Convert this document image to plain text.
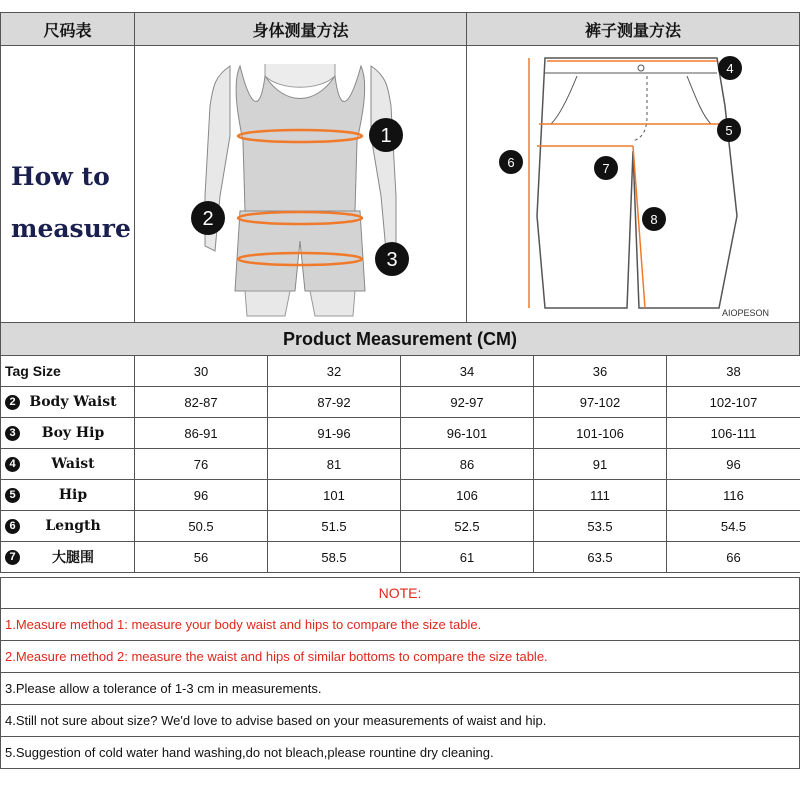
尺码表	身体测量方法	裤子测量方法
How to
measure
1
2
3
4
5
6	7
8
AIOPESON
Product Measurement (CM)
Tag Size	30	32	34	36	38
2 Body Waist	82-87	87-92	92-97	97-102	102-107
3 Boy Hip	86-91	91-96	96-101	101-106	106-111
4 Waist	76	81	86	91	96
5 Hip	96	101	106	111	116
6 Length	50.5	51.5	52.5	53.5	54.5
7 大腿围	56	58.5	61	63.5	66
NOTE:
1.Measure method 1: measure your body waist and hips to compare the size table.
2.Measure method 2: measure the waist and hips of similar bottoms to compare the size table.
3.Please allow a tolerance of 1-3 cm in measurements.
4.Still not sure about size? We'd love to advise based on your measurements of waist and hip.
5.Suggestion of cold water hand washing,do not bleach,please rountine dry cleaning.
